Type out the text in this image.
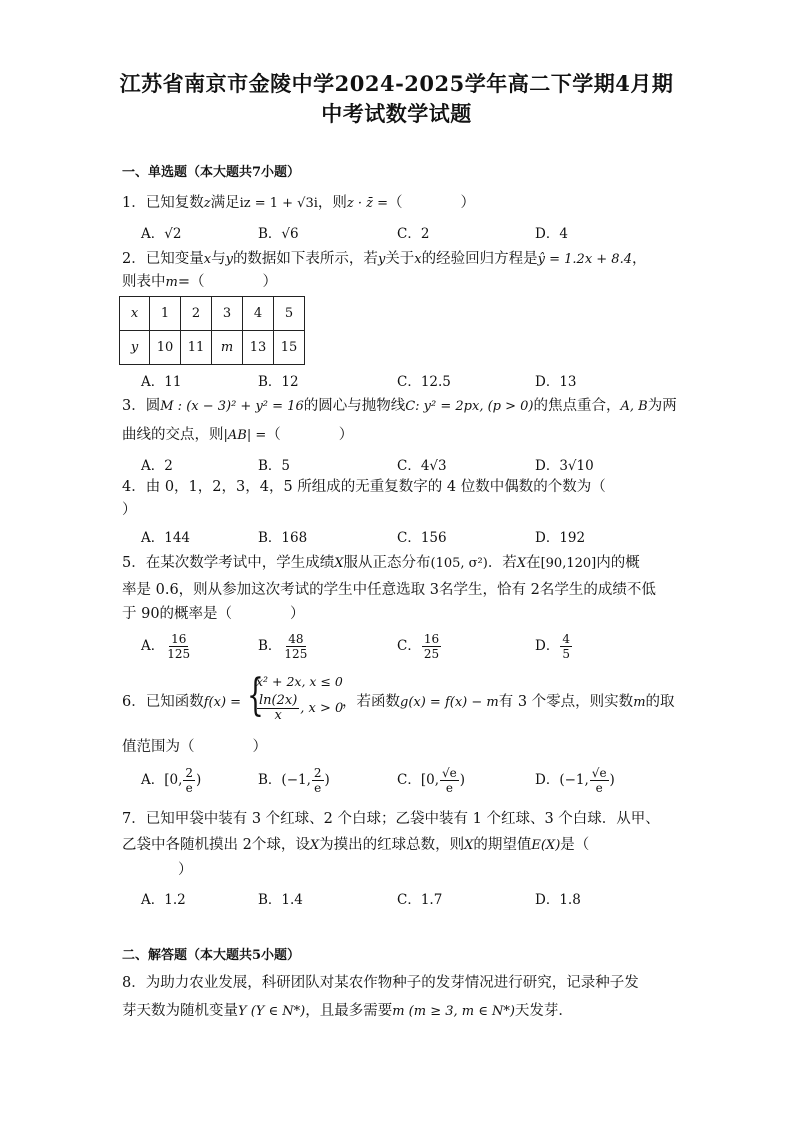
江苏省南京市金陵中学2024-2025学年高二下学期4月期
中考试数学试题
一、单选题（本大题共7小题）
1．已知复数z满足iz = 1 + √3i，则z · z̄ =（　　　　）
A．√2	B．√6	C．2	D．4
2．已知变量x与y的数据如下表所示，若y关于x的经验回归方程是ŷ = 1.2x + 8.4，
则表中m=（　　　　）
x	1	2	3	4	5
y	10	11	m	13	15
A．11	B．12	C．12.5	D．13
3．圆M : (x − 3)² + y² = 16的圆心与抛物线C: y² = 2px, (p > 0)的焦点重合，A, B为两
曲线的交点，则|AB| =（　　　　）
A．2	B．5	C．4√3	D．3√10
4．由 0，1，2，3，4，5 所组成的无重复数字的 4 位数中偶数的个数为（
）
A．144	B．168	C．156	D．192
5．在某次数学考试中，学生成绩X服从正态分布(105, σ²)．若X在[90,120]内的概
率是 0.6，则从参加这次考试的学生中任意选取 3名学生，恰有 2名学生的成绩不低
于 90的概率是（　　　　）
A． $\frac{16}{125}$	B． $\frac{48}{125}$	C． $\frac{16}{25}$	D． $\frac{4}{5}$
6．已知函数f(x) = {
x² + 2x, x ≤ 0
$\frac{\ln(2x)}{x}$ , x > 0
，若函数g(x) = f(x) − m有 3 个零点，则实数m的取
值范围为（　　　　）
A．[0, $\frac{2}{e}$ )	B．(−1, $\frac{2}{e}$ )	C．[0, $\frac{√e}{e}$ )	D．(−1, $\frac{√e}{e}$ )
7．已知甲袋中装有 3 个红球、2 个白球；乙袋中装有 1 个红球、3 个白球．从甲、
乙袋中各随机摸出 2个球，设X为摸出的红球总数，则X的期望值E(X)是（
）
A．1.2	B．1.4	C．1.7	D．1.8
二、解答题（本大题共5小题）
8．为助力农业发展，科研团队对某农作物种子的发芽情况进行研究，记录种子发
芽天数为随机变量Y (Y ∈ N*)，且最多需要m (m ≥ 3, m ∈ N*)天发芽．
